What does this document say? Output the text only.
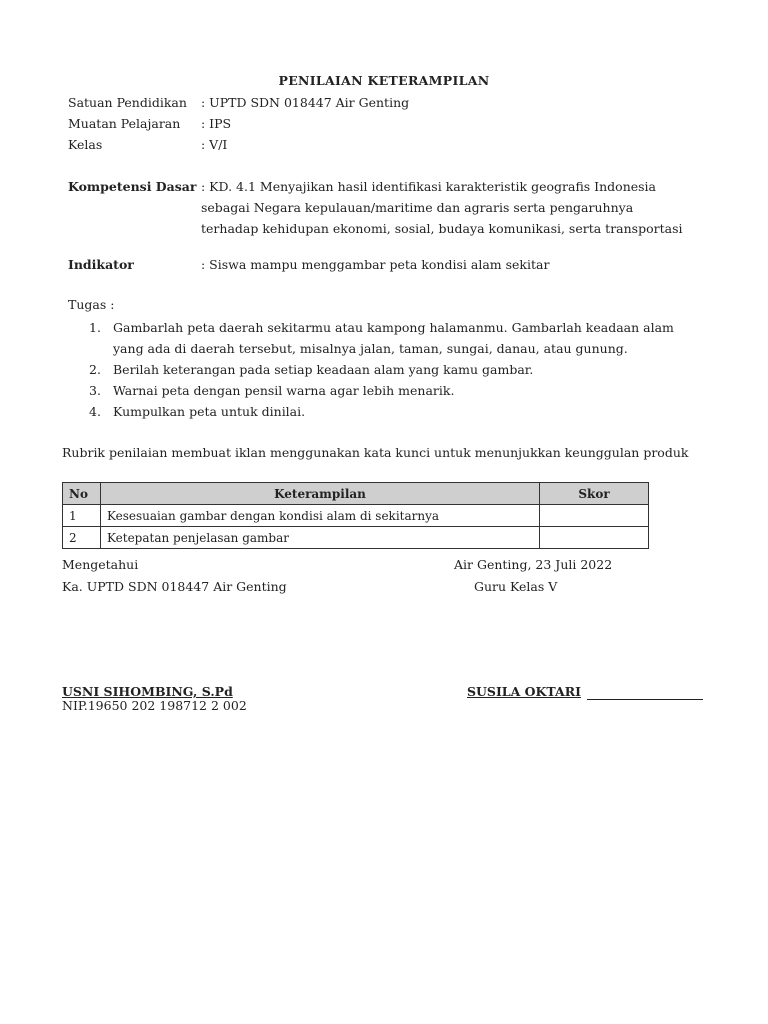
PENILAIAN KETERAMPILAN
Satuan Pendidikan : UPTD SDN 018447 Air Genting
Muatan Pelajaran : IPS
Kelas	: V/I
Kompetensi Dasar : KD. 4.1 Menyajikan hasil identifikasi karakteristik geografis Indonesia sebagai Negara kepulauan/maritime dan agraris serta pengaruhnya terhadap kehidupan ekonomi, sosial, budaya komunikasi, serta transportasi
Indikator	: Siswa mampu menggambar peta kondisi alam sekitar
Tugas :
1. Gambarlah peta daerah sekitarmu atau kampong halamanmu. Gambarlah keadaan alam yang ada di daerah tersebut, misalnya jalan, taman, sungai, danau, atau gunung.
2. Berilah keterangan pada setiap keadaan alam yang kamu gambar.
3. Warnai peta dengan pensil warna agar lebih menarik.
4. Kumpulkan peta untuk dinilai.
Rubrik penilaian membuat iklan menggunakan kata kunci untuk menunjukkan keunggulan produk
No	Keterampilan	Skor
1	Kesesuaian gambar dengan kondisi alam di sekitarnya	
2	Ketepatan penjelasan gambar	
Mengetahui
Ka. UPTD SDN 018447 Air Genting
Air Genting, 23 Juli 2022
Guru Kelas V
USNI SIHOMBING, S.Pd
NIP.19650 202 198712 2 002
SUSILA OKTARI
